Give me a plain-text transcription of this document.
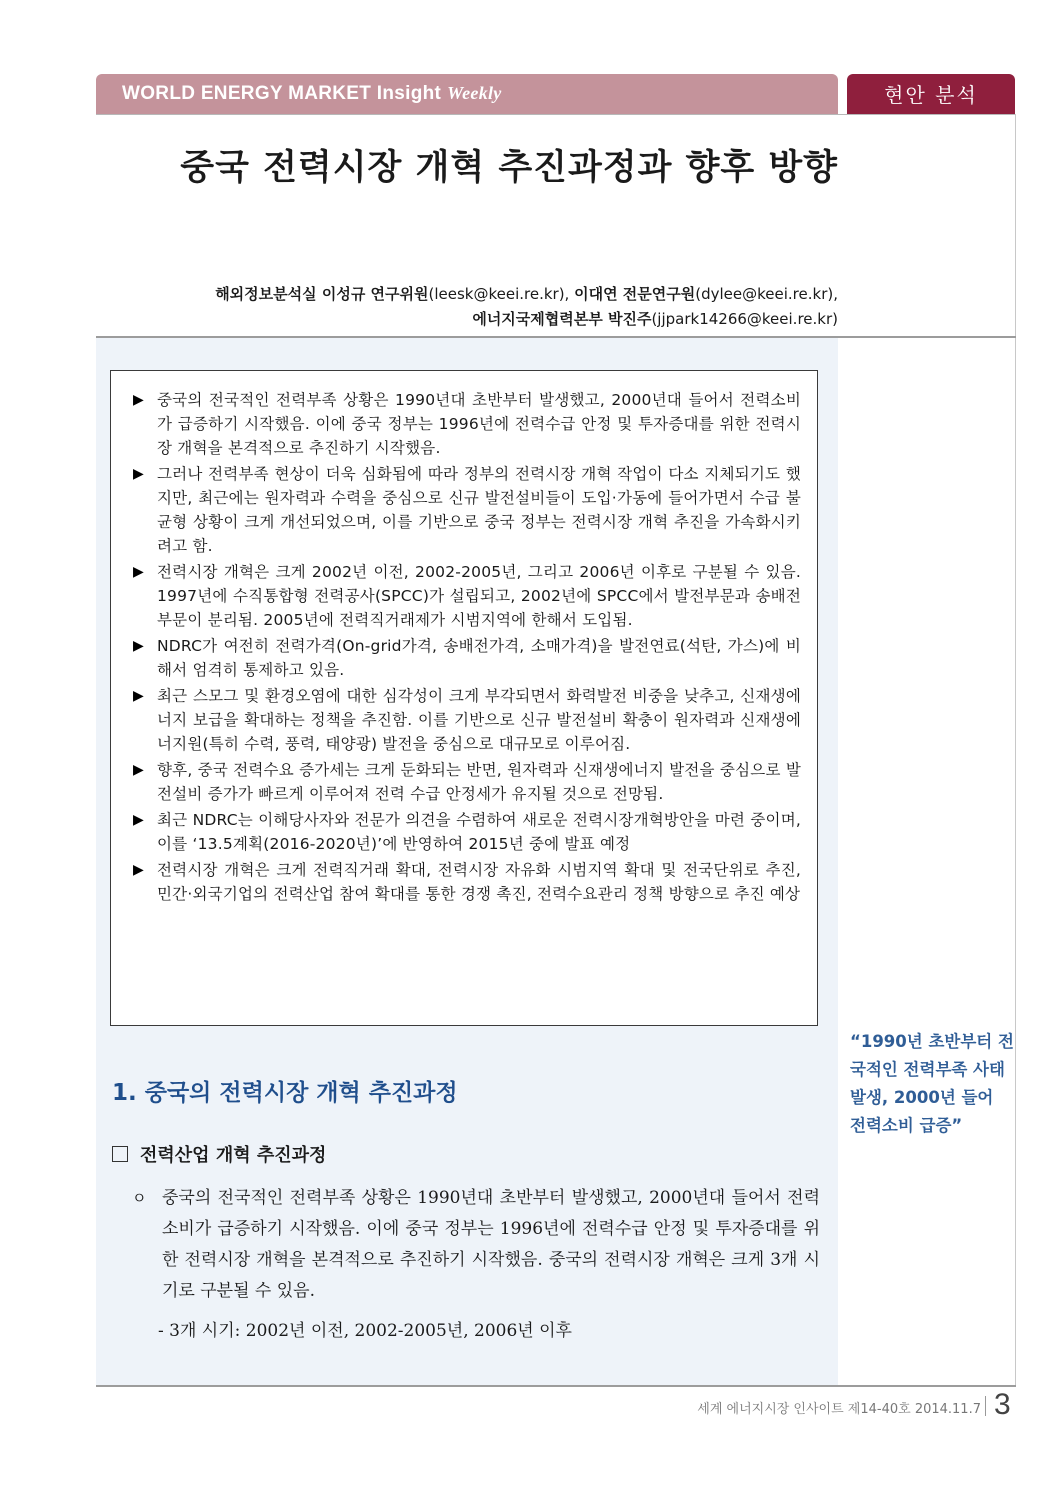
WORLD ENERGY MARKET Insight Weekly	현안 분석
중국 전력시장 개혁 추진과정과 향후 방향
해외정보분석실 이성규 연구위원(leesk@keei.re.kr), 이대연 전문연구원(dylee@keei.re.kr),
에너지국제협력본부 박진주(jjpark14266@keei.re.kr)
▶ 중국의 전국적인 전력부족 상황은 1990년대 초반부터 발생했고, 2000년대 들어서 전력소비가 급증하기 시작했음. 이에 중국 정부는 1996년에 전력수급 안정 및 투자증대를 위한 전력시장 개혁을 본격적으로 추진하기 시작했음.
▶ 그러나 전력부족 현상이 더욱 심화됨에 따라 정부의 전력시장 개혁 작업이 다소 지체되기도 했지만, 최근에는 원자력과 수력을 중심으로 신규 발전설비들이 도입·가동에 들어가면서 수급 불균형 상황이 크게 개선되었으며, 이를 기반으로 중국 정부는 전력시장 개혁 추진을 가속화시키려고 함.
▶ 전력시장 개혁은 크게 2002년 이전, 2002-2005년, 그리고 2006년 이후로 구분될 수 있음. 1997년에 수직통합형 전력공사(SPCC)가 설립되고, 2002년에 SPCC에서 발전부문과 송배전부문이 분리됨. 2005년에 전력직거래제가 시범지역에 한해서 도입됨.
▶ NDRC가 여전히 전력가격(On-grid가격, 송배전가격, 소매가격)을 발전연료(석탄, 가스)에 비해서 엄격히 통제하고 있음.
▶ 최근 스모그 및 환경오염에 대한 심각성이 크게 부각되면서 화력발전 비중을 낮추고, 신재생에너지 보급을 확대하는 정책을 추진함. 이를 기반으로 신규 발전설비 확충이 원자력과 신재생에너지원(특히 수력, 풍력, 태양광) 발전을 중심으로 대규모로 이루어짐.
▶ 향후, 중국 전력수요 증가세는 크게 둔화되는 반면, 원자력과 신재생에너지 발전을 중심으로 발전설비 증가가 빠르게 이루어져 전력 수급 안정세가 유지될 것으로 전망됨.
▶ 최근 NDRC는 이해당사자와 전문가 의견을 수렴하여 새로운 전력시장개혁방안을 마련 중이며, 이를 ‘13.5계획(2016-2020년)’에 반영하여 2015년 중에 발표 예정
▶ 전력시장 개혁은 크게 전력직거래 확대, 전력시장 자유화 시범지역 확대 및 전국단위로 추진, 민간·외국기업의 전력산업 참여 확대를 통한 경쟁 촉진, 전력수요관리 정책 방향으로 추진 예상
“1990년 초반부터 전국적인 전력부족 사태 발생, 2000년 들어 전력소비 급증”
1. 중국의 전력시장 개혁 추진과정
전력산업 개혁 추진과정
ㅇ 중국의 전국적인 전력부족 상황은 1990년대 초반부터 발생했고, 2000년대 들어서 전력소비가 급증하기 시작했음. 이에 중국 정부는 1996년에 전력수급 안정 및 투자증대를 위한 전력시장 개혁을 본격적으로 추진하기 시작했음. 중국의 전력시장 개혁은 크게 3개 시기로 구분될 수 있음.
- 3개 시기: 2002년 이전, 2002-2005년, 2006년 이후
세계 에너지시장 인사이트 제14-40호 2014.11.7 3
